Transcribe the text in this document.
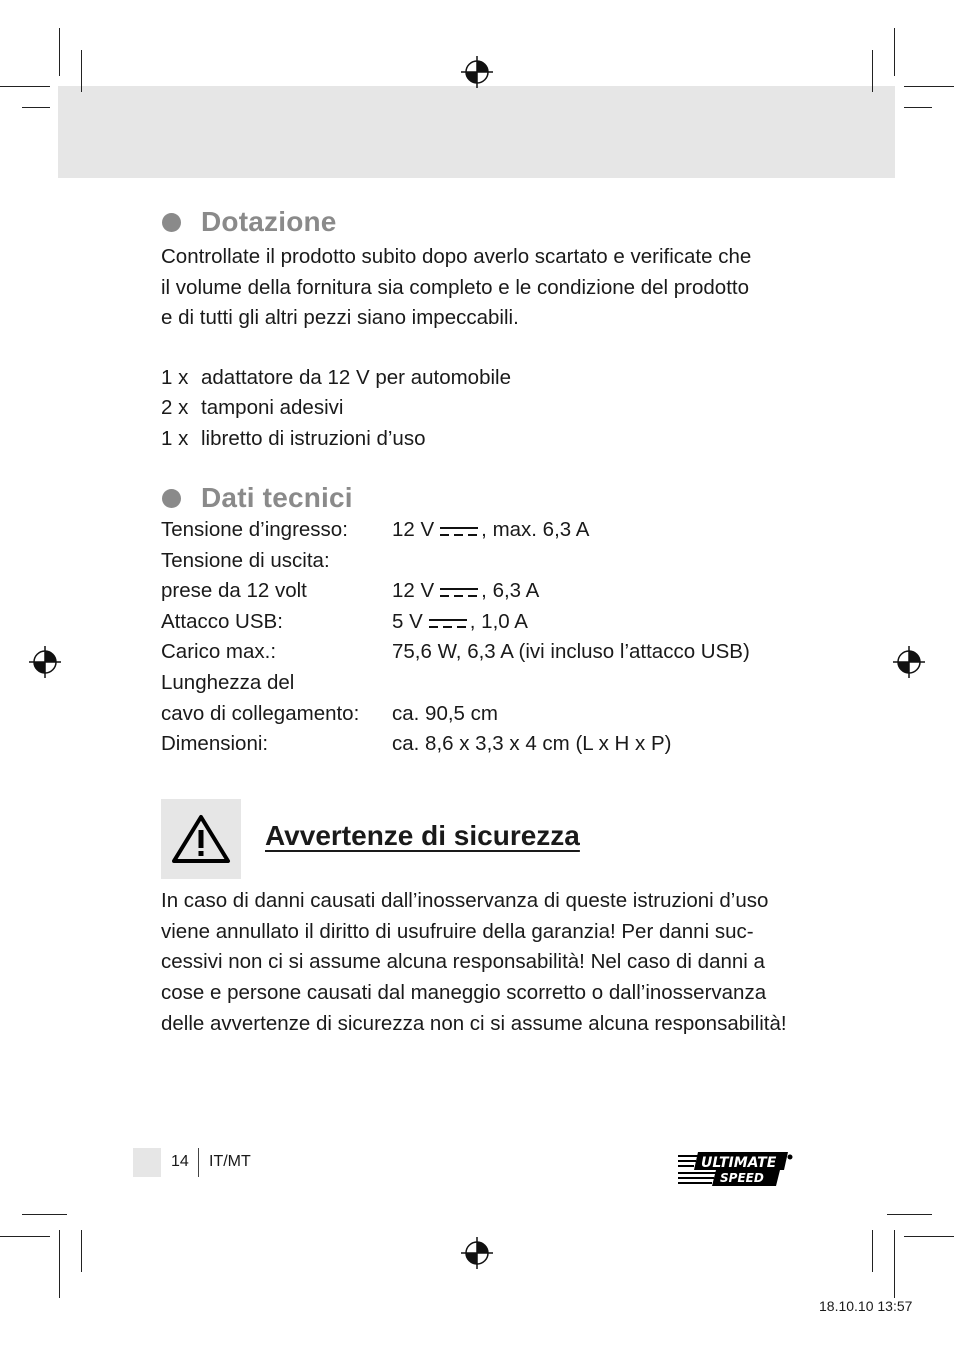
Dotazione

Controllate il prodotto subito dopo averlo scartato e verificate che

il volume della fornitura sia completo e le condizione del prodotto

e di tutti gli altri pezzi siano impeccabili.

1 x adattatore da 12 V per automobile
2 x tamponi adesivi
1 x libretto di istruzioni d’uso
Dati tecnici
Tensione d’ingresso: 12 V , max. 6,3 A
Tensione di uscita:
prese da 12 volt	12 V , 6,3 A
Attacco USB:	5 V , 1,0 A
Carico max.:	75,6 W, 6,3 A (ivi incluso l’attacco USB)
Lunghezza del
cavo di collegamento: ca. 90,5 cm
Dimensioni:	ca. 8,6 x 3,3 x 4 cm (L x H x P)
Avvertenze di sicurezza

In caso di danni causati dall’inosservanza di queste istruzioni d’uso

viene annullato il diritto di usufruire della garanzia! Per danni suc-

cessivi non ci si assume alcuna responsabilità! Nel caso di danni a

cose e persone causati dal maneggio scorretto o dall’inosservanza

delle avvertenze di sicurezza non ci si assume alcuna responsabilità!

14 IT/MT	ULTIMATE
SPEED
18.10.10 13:57
